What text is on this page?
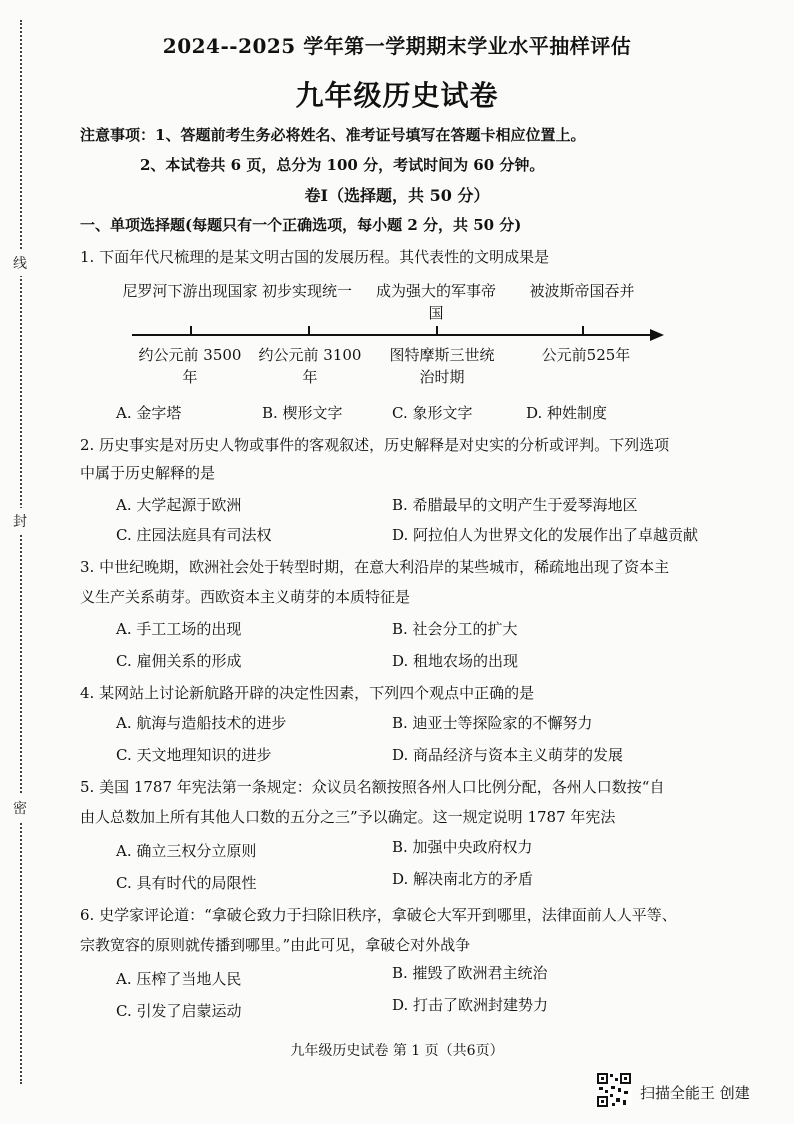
线
封
密
2024--2025 学年第一学期期末学业水平抽样评估
九年级历史试卷
注意事项：1、答题前考生务必将姓名、准考证号填写在答题卡相应位置上。
2、本试卷共 6 页，总分为 100 分，考试时间为 60 分钟。
卷Ⅰ（选择题，共 50 分）
一、单项选择题(每题只有一个正确选项，每小题 2 分，共 50 分)
1. 下面年代尺梳理的是某文明古国的发展历程。其代表性的文明成果是
尼罗河下游出现国家 初步实现统一	成为强大的军事帝国
被波斯帝国吞并
约公元前 3500年
约公元前 3100年
图特摩斯三世统治时期
公元前525年
A. 金字塔	B. 楔形文字	C. 象形文字	D. 种姓制度
2. 历史事实是对历史人物或事件的客观叙述，历史解释是对史实的分析或评判。下列选项
中属于历史解释的是
A. 大学起源于欧洲	B. 希腊最早的文明产生于爱琴海地区
C. 庄园法庭具有司法权	D. 阿拉伯人为世界文化的发展作出了卓越贡献
3. 中世纪晚期，欧洲社会处于转型时期，在意大利沿岸的某些城市，稀疏地出现了资本主
义生产关系萌芽。西欧资本主义萌芽的本质特征是
A. 手工工场的出现	B. 社会分工的扩大
C. 雇佣关系的形成	D. 租地农场的出现
4. 某网站上讨论新航路开辟的决定性因素，下列四个观点中正确的是
A. 航海与造船技术的进步	B. 迪亚士等探险家的不懈努力
C. 天文地理知识的进步	D. 商品经济与资本主义萌芽的发展
5. 美国 1787 年宪法第一条规定：众议员名额按照各州人口比例分配，各州人口数按“自
由人总数加上所有其他人口数的五分之三”予以确定。这一规定说明 1787 年宪法
A. 确立三权分立原则	B. 加强中央政府权力
C. 具有时代的局限性	D. 解决南北方的矛盾
6. 史学家评论道：“拿破仑致力于扫除旧秩序，拿破仑大军开到哪里，法律面前人人平等、
宗教宽容的原则就传播到哪里。”由此可见，拿破仑对外战争
A. 压榨了当地人民	B. 摧毁了欧洲君主统治
C. 引发了启蒙运动	D. 打击了欧洲封建势力
九年级历史试卷 第 1 页（共6页）
扫描全能王 创建
